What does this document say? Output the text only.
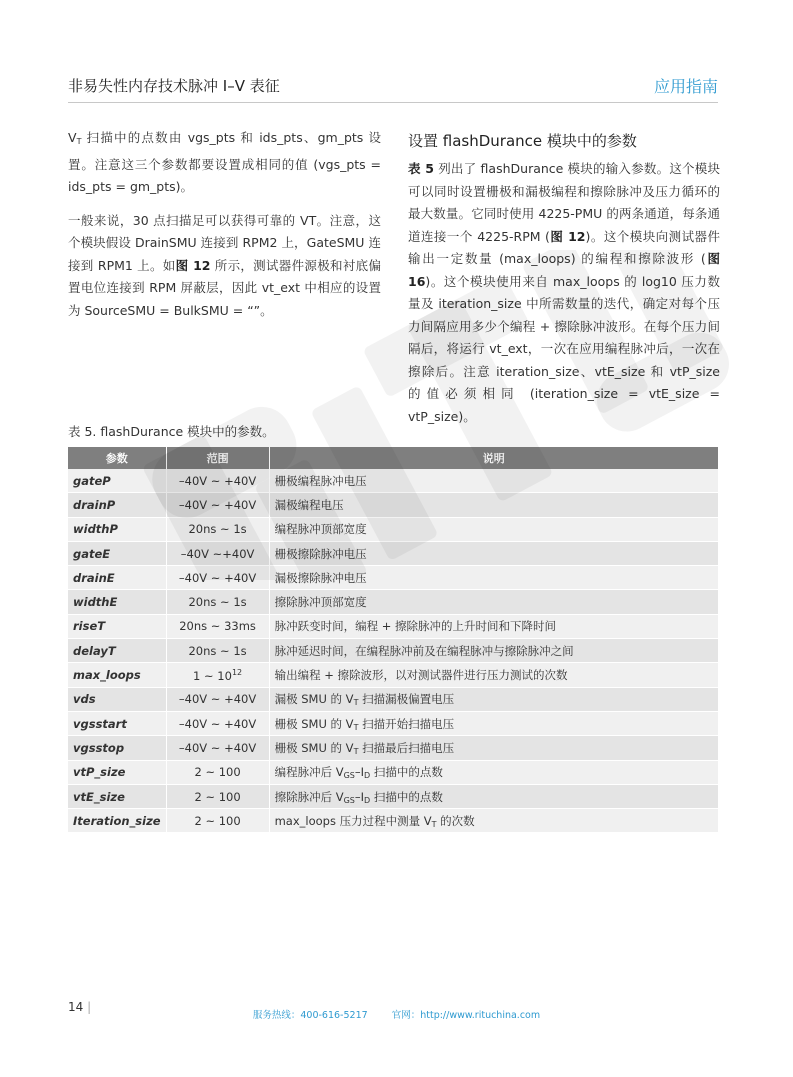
非易失性内存技术脉冲 I–V 表征	应用指南

$V_T$ 扫描中的点数由 vgs_pts 和 ids_pts、gm_pts 设置。注意这三个参数都要设置成相同的值 (vgs_pts = ids_pts = gm_pts)。

一般来说，30 点扫描足可以获得可靠的 VT。注意，这个模块假设 DrainSMU 连接到 RPM2 上，GateSMU 连接到 RPM1 上。如图 12 所示，测试器件源极和衬底偏置电位连接到 RPM 屏蔽层，因此 vt_ext 中相应的设置为 SourceSMU = BulkSMU = “”。

设置 flashDurance 模块中的参数

表 5 列出了 flashDurance 模块的输入参数。这个模块可以同时设置栅极和漏极编程和擦除脉冲及压力循环的最大数量。它同时使用 4225-PMU 的两条通道，每条通道连接一个 4225-RPM (图 12)。这个模块向测试器件输出一定数量 (max_loops) 的编程和擦除波形 (图 16)。这个模块使用来自 max_loops 的 log10 压力数量及 iteration_size 中所需数量的迭代，确定对每个压力间隔应用多少个编程 + 擦除脉冲波形。在每个压力间隔后，将运行 vt_ext，一次在应用编程脉冲后，一次在擦除后。注意 iteration_size、vtE_size 和 vtP_size 的值必须相同 (iteration_size = vtE_size = vtP_size)。

表 5. flashDurance 模块中的参数。
参数	范围	说明
gateP	–40V ~ +40V	栅极编程脉冲电压
drainP	–40V ~ +40V	漏极编程电压
widthP	20ns ~ 1s	编程脉冲顶部宽度
gateE	–40V ~+40V	栅极擦除脉冲电压
drainE	–40V ~ +40V	漏极擦除脉冲电压
widthE	20ns ~ 1s	擦除脉冲顶部宽度
riseT	20ns ~ 33ms	脉冲跃变时间，编程 + 擦除脉冲的上升时间和下降时间
delayT	20ns ~ 1s	脉冲延迟时间，在编程脉冲前及在编程脉冲与擦除脉冲之间
max_loops	1 ~ $10^{12}$	输出编程 + 擦除波形，以对测试器件进行压力测试的次数
vds	–40V ~ +40V	漏极 SMU 的 $V_T$ 扫描漏极偏置电压
vgsstart	–40V ~ +40V	栅极 SMU 的 $V_T$ 扫描开始扫描电压
vgsstop	–40V ~ +40V	栅极 SMU 的 $V_T$ 扫描最后扫描电压
vtP_size	2 ~ 100	编程脉冲后 $V_{GS}-I_D$ 扫描中的点数
vtE_size	2 ~ 100	擦除脉冲后 $V_{GS}-I_D$ 扫描中的点数
Iteration_size	2 ~ 100	max_loops 压力过程中测量 $V_T$ 的次数
14 |
服务热线：400-616-5217	官网：http://www.rituchina.com
